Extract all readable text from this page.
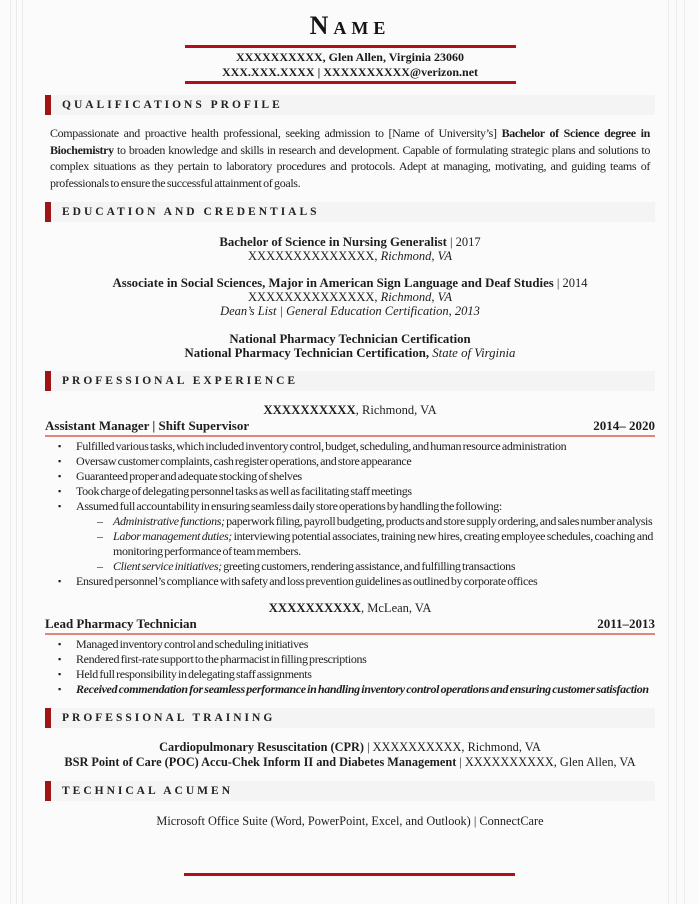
Name
XXXXXXXXXX, Glen Allen, Virginia 23060
XXX.XXX.XXXX | XXXXXXXXXX@verizon.net
QUALIFICATIONS PROFILE

Compassionate and proactive health professional, seeking admission to [Name of University’s] Bachelor of Science degree in Biochemistry to broaden knowledge and skills in research and development. Capable of formulating strategic plans and solutions to complex situations as they pertain to laboratory procedures and protocols. Adept at managing, motivating, and guiding teams of professionals to ensure the successful attainment of goals.

EDUCATION AND CREDENTIALS
Bachelor of Science in Nursing Generalist | 2017
XXXXXXXXXXXXXX, Richmond, VA
Associate in Social Sciences, Major in American Sign Language and Deaf Studies | 2014
XXXXXXXXXXXXXX, Richmond, VA
Dean’s List | General Education Certification, 2013
National Pharmacy Technician Certification
National Pharmacy Technician Certification, State of Virginia
PROFESSIONAL EXPERIENCE
XXXXXXXXXX, Richmond, VA
Assistant Manager | Shift Supervisor	2014– 2020
▪ Fulfilled various tasks, which included inventory control, budget, scheduling, and human resource administration
▪ Oversaw customer complaints, cash register operations, and store appearance
▪ Guaranteed proper and adequate stocking of shelves
▪ Took charge of delegating personnel tasks as well as facilitating staff meetings
▪ Assumed full accountability in ensuring seamless daily store operations by handling the following:
– Administrative functions; paperwork filing, payroll budgeting, products and store supply ordering, and sales number analysis
– Labor management duties; interviewing potential associates, training new hires, creating employee schedules, coaching and monitoring performance of team members.
– Client service initiatives; greeting customers, rendering assistance, and fulfilling transactions
▪ Ensured personnel’s compliance with safety and loss prevention guidelines as outlined by corporate offices
XXXXXXXXXX, McLean, VA
Lead Pharmacy Technician	2011–2013
▪ Managed inventory control and scheduling initiatives
▪ Rendered first-rate support to the pharmacist in filling prescriptions
▪ Held full responsibility in delegating staff assignments
▪ Received commendation for seamless performance in handling inventory control operations and ensuring customer satisfaction
PROFESSIONAL TRAINING
Cardiopulmonary Resuscitation (CPR) | XXXXXXXXXX, Richmond, VA
BSR Point of Care (POC) Accu-Chek Inform II and Diabetes Management | XXXXXXXXXX, Glen Allen, VA
TECHNICAL ACUMEN
Microsoft Office Suite (Word, PowerPoint, Excel, and Outlook) | ConnectCare
